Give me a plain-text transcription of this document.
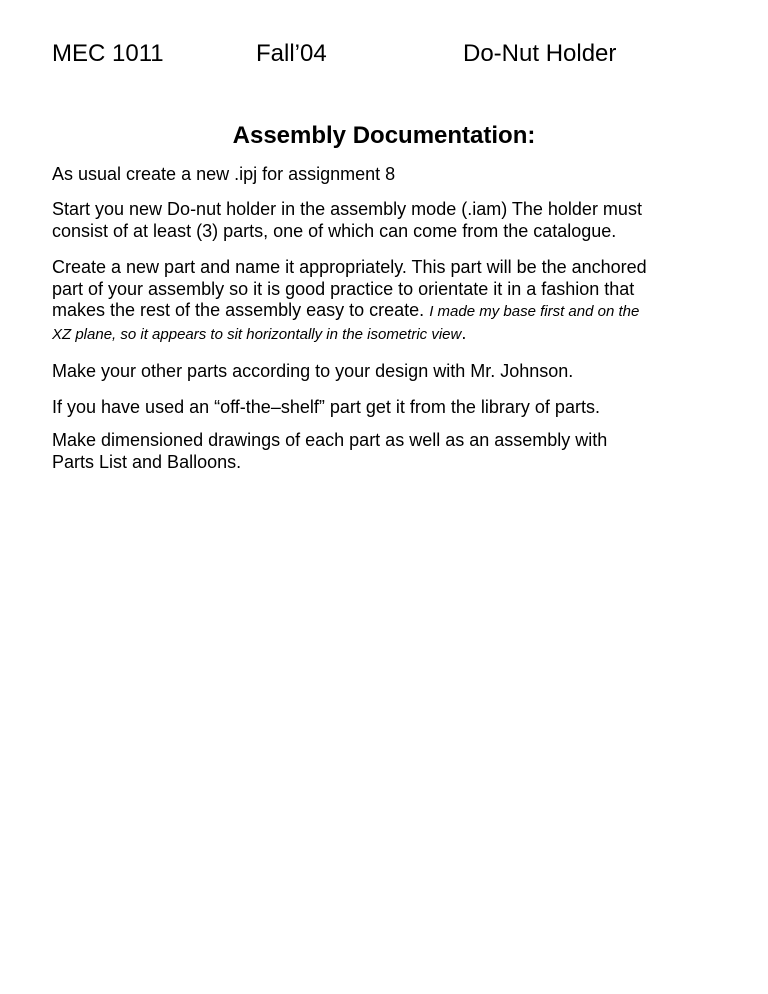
MEC 1011	Fall’04	Do-Nut Holder
Assembly Documentation:
As usual create a new .ipj for assignment 8
Start you new Do-nut holder in the assembly mode (.iam) The holder must
consist of at least (3) parts, one of which can come from the catalogue.
Create a new part and name it appropriately. This part will be the anchored
part of your assembly so it is good practice to orientate it in a fashion that
makes the rest of the assembly easy to create. I made my base first and on the
XZ plane, so it appears to sit horizontally in the isometric view.
Make your other parts according to your design with Mr. Johnson.
If you have used an “off-the–shelf” part get it from the library of parts.
Make dimensioned drawings of each part as well as an assembly with
Parts List and Balloons.
